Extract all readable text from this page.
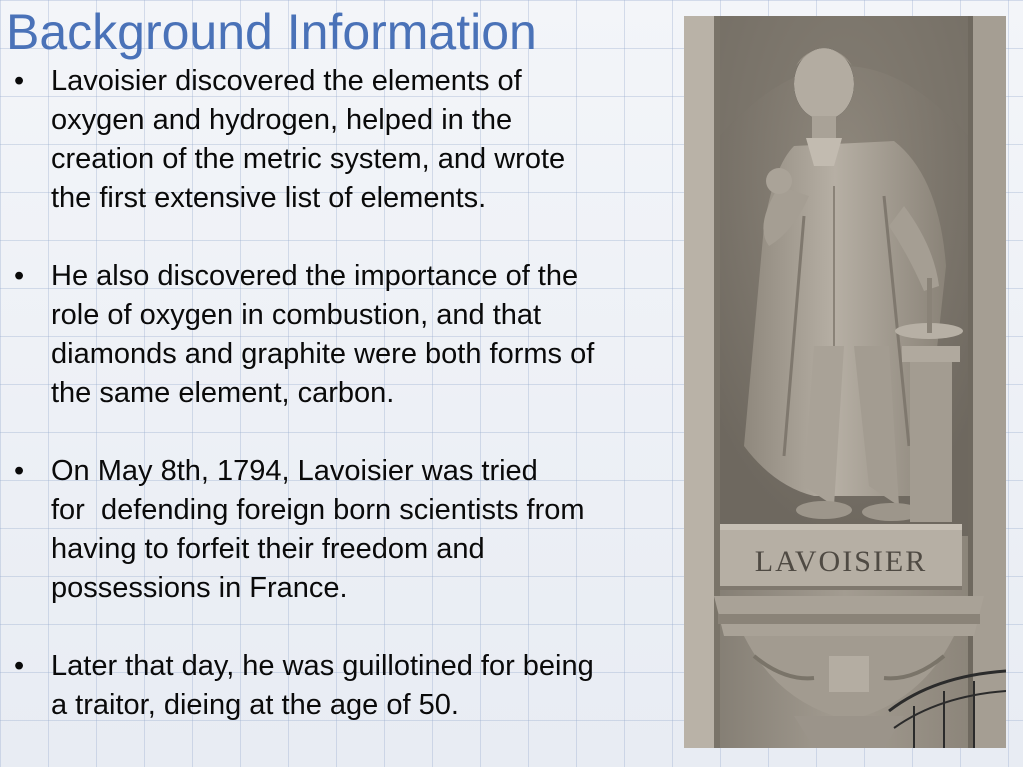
Background Information
• Lavoisier discovered the elements of
oxygen and hydrogen, helped in the
creation of the metric system, and wrote
the first extensive list of elements.
• He also discovered the importance of the
role of oxygen in combustion, and that
diamonds and graphite were both forms of
the same element, carbon.
• On May 8th, 1794, Lavoisier was tried
for  defending foreign born scientists from
having to forfeit their freedom and
possessions in France.
• Later that day, he was guillotined for being
a traitor, dieing at the age of 50.
LAVOISIER
